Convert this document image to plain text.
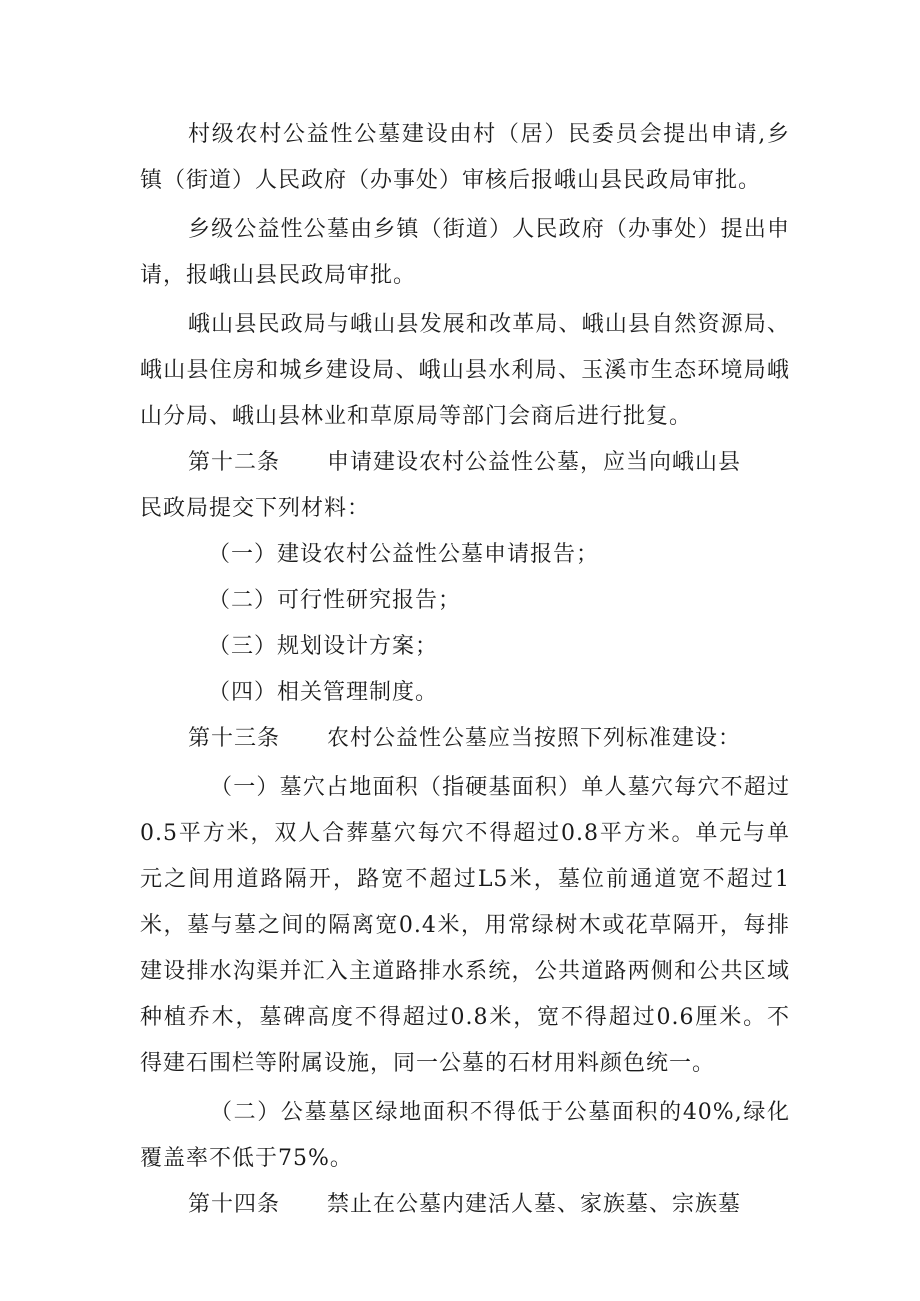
村级农村公益性公墓建设由村（居）民委员会提出申请,乡镇（街道）人民政府（办事处）审核后报峨山县民政局审批。

乡级公益性公墓由乡镇（街道）人民政府（办事处）提出申请，报峨山县民政局审批。

峨山县民政局与峨山县发展和改革局、峨山县自然资源局、峨山县住房和城乡建设局、峨山县水利局、玉溪市生态环境局峨山分局、峨山县林业和草原局等部门会商后进行批复。

第十二条	申请建设农村公益性公墓，应当向峨山县

民政局提交下列材料：

（一）建设农村公益性公墓申请报告；

（二）可行性研究报告；

（三）规划设计方案；

（四）相关管理制度。

第十三条	农村公益性公墓应当按照下列标准建设：

（一）墓穴占地面积（指硬基面积）单人墓穴每穴不超过0.5平方米，双人合葬墓穴每穴不得超过0.8平方米。单元与单元之间用道路隔开，路宽不超过L5米，墓位前通道宽不超过1米，墓与墓之间的隔离宽0.4米，用常绿树木或花草隔开，每排建设排水沟渠并汇入主道路排水系统，公共道路两侧和公共区域种植乔木，墓碑高度不得超过0.8米，宽不得超过0.6厘米。不得建石围栏等附属设施，同一公墓的石材用料颜色统一。

（二）公墓墓区绿地面积不得低于公墓面积的40%,绿化覆盖率不低于75%。

第十四条	禁止在公墓内建活人墓、家族墓、宗族墓
